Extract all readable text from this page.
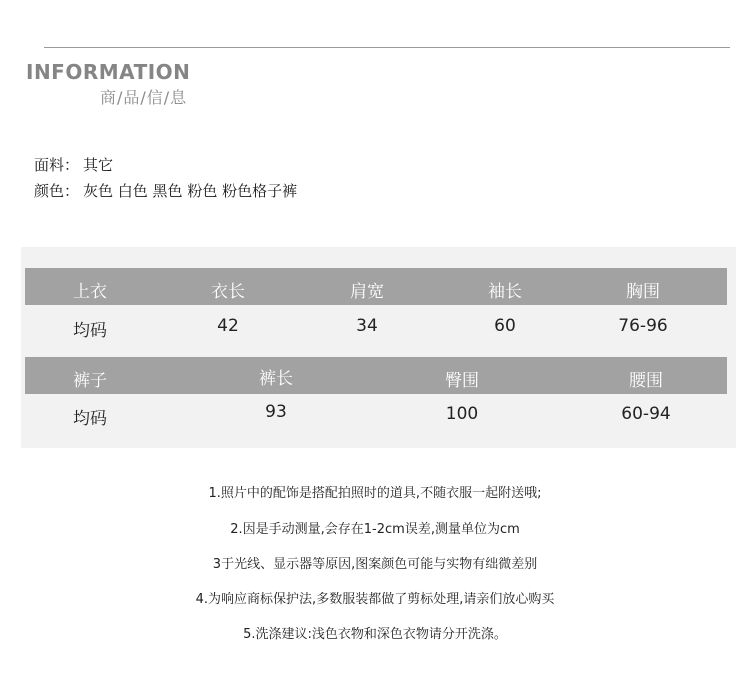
INFORMATION
商/品/信/息
面料： 其它
颜色： 灰色 白色 黑色 粉色 粉色格子裤
上衣	衣长	肩宽	袖长	胸围
均码	42	34	60	76-96
裤子	裤长	臀围	腰围
均码	93	100	60-94
1.照片中的配饰是搭配拍照时的道具,不随衣服一起附送哦;
2.因是手动测量,会存在1-2cm误差,测量单位为cm
3于光线、显示器等原因,图案颜色可能与实物有绌微差别
4.为响应商标保护法,多数服装都做了剪标处理,请亲们放心购买
5.洗涤建议:浅色衣物和深色衣物请分开洗涤。
